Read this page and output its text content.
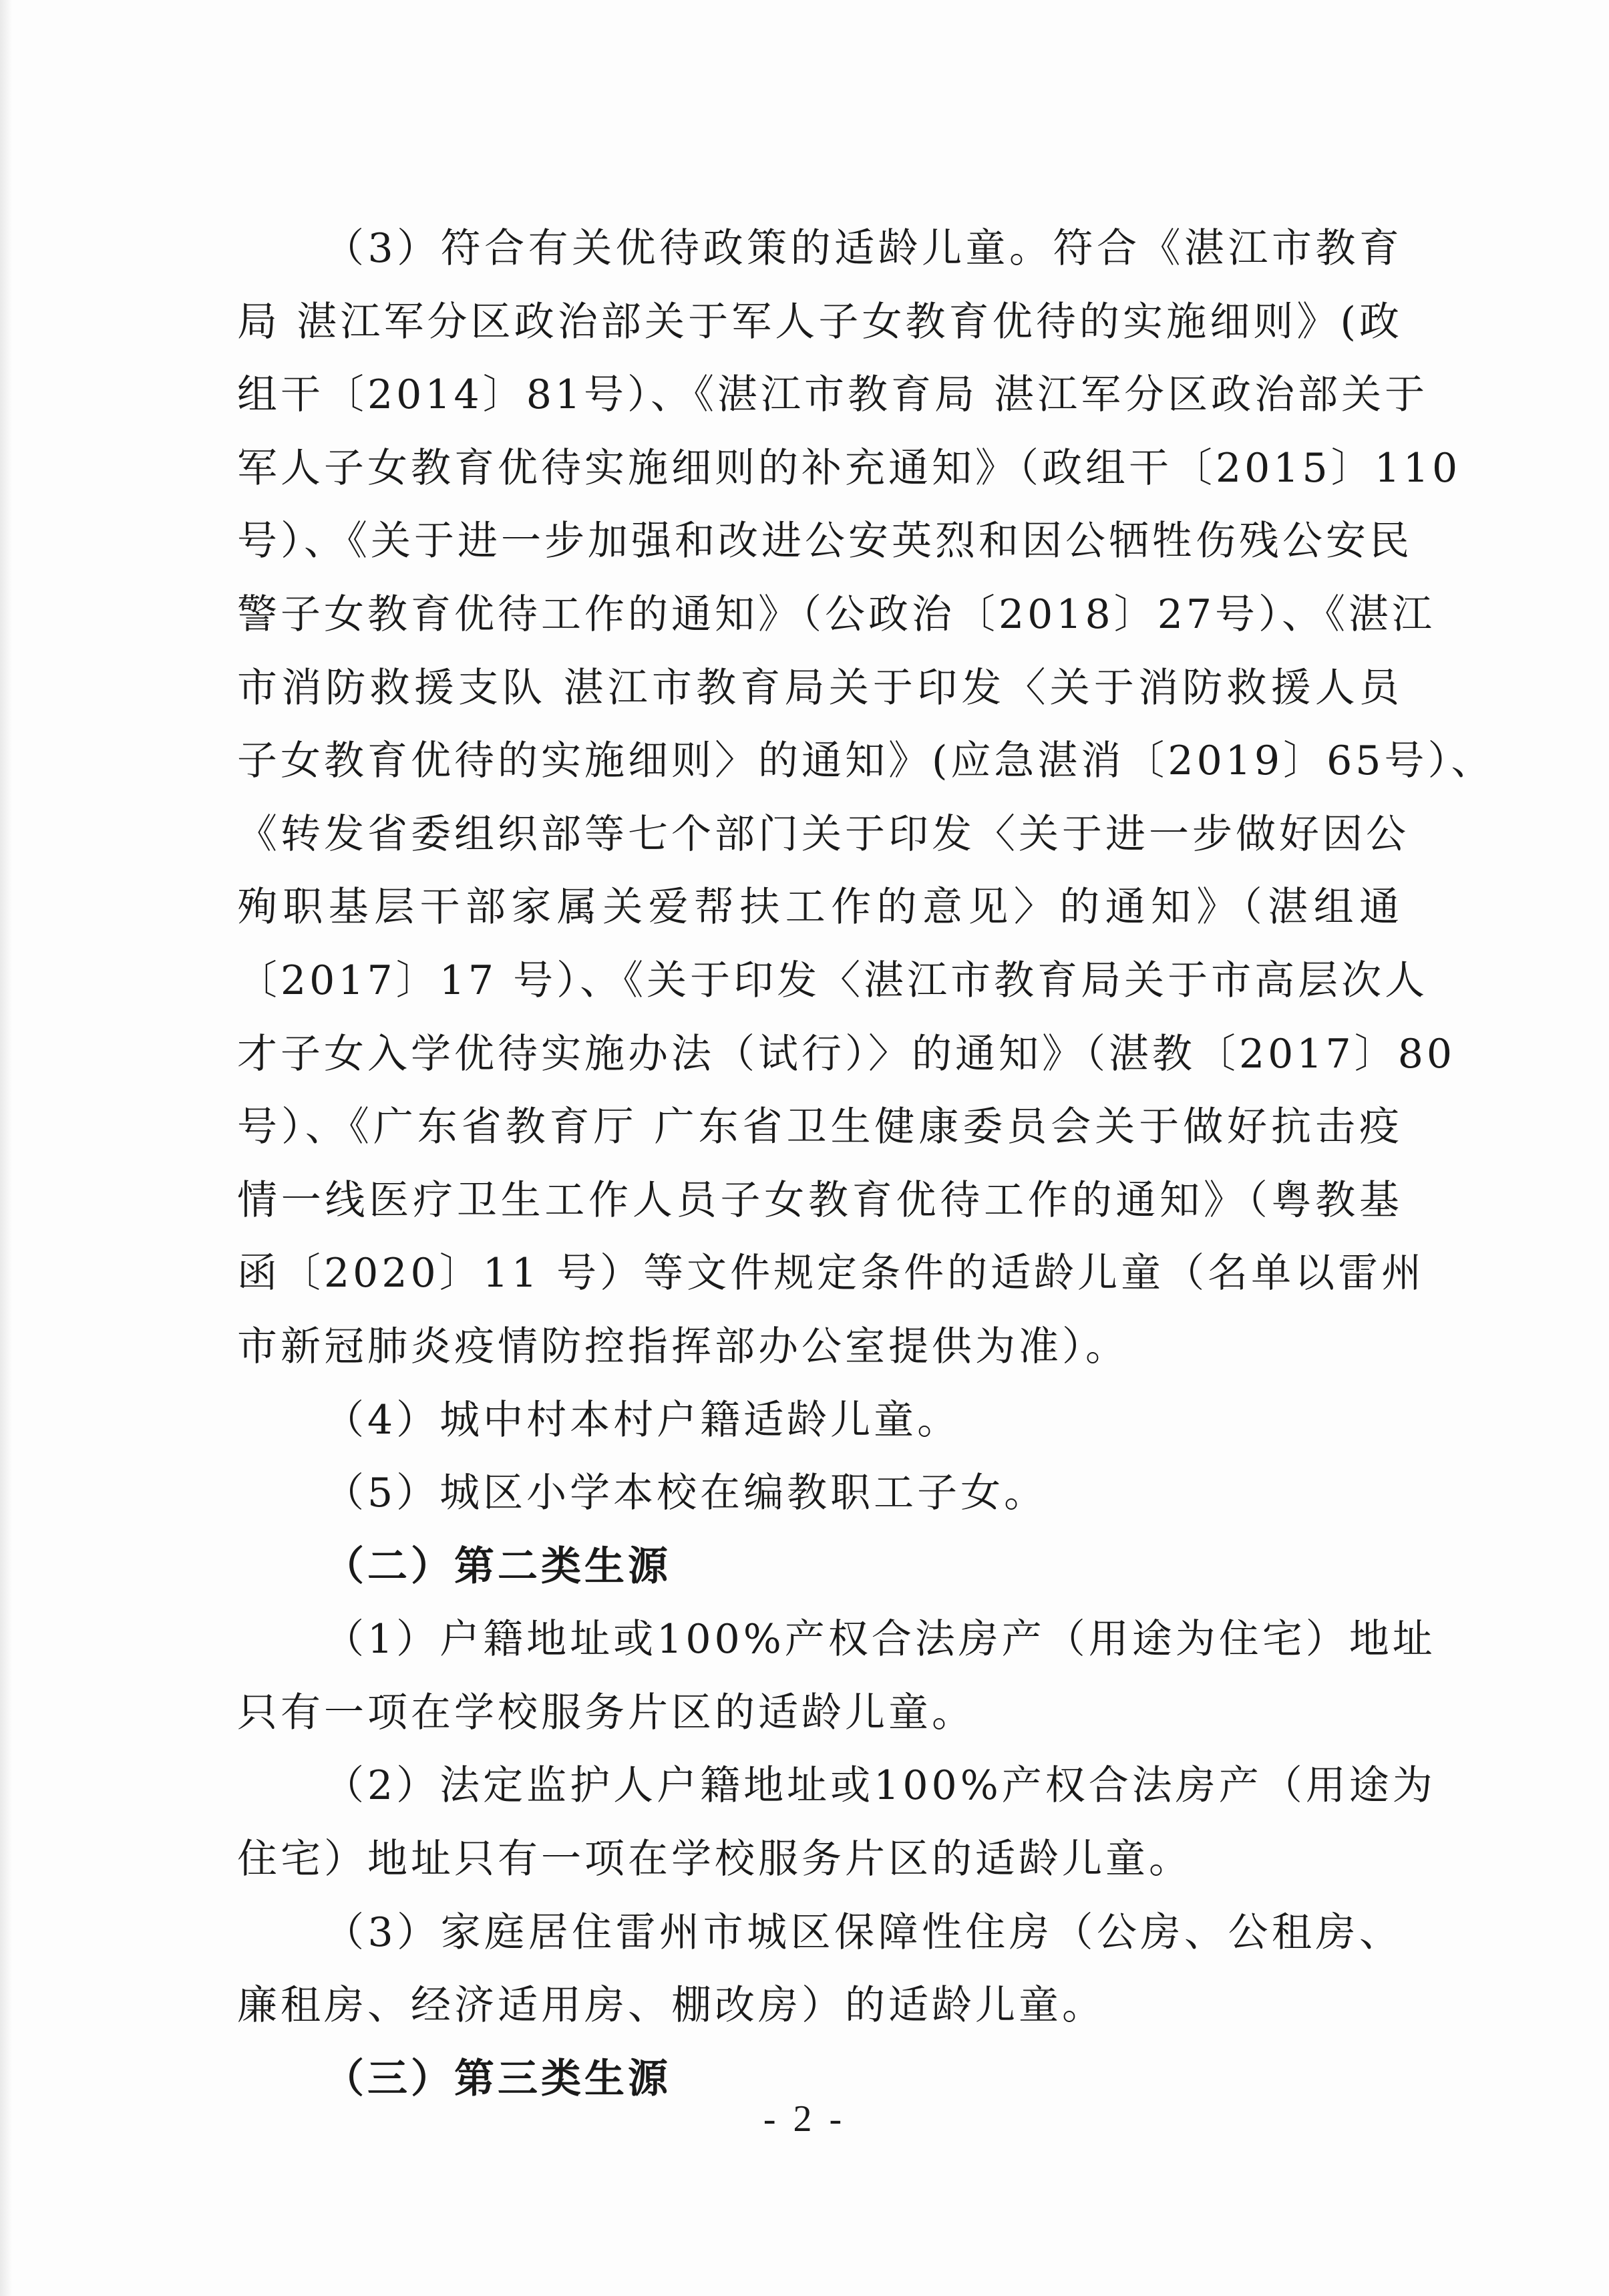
（3）符合有关优待政策的适龄儿童。符合《湛江市教育
局 湛江军分区政治部关于军人子女教育优待的实施细则》(政
组干〔2014〕81号）、《湛江市教育局 湛江军分区政治部关于
军人子女教育优待实施细则的补充通知》（政组干〔2015〕110
号）、《关于进一步加强和改进公安英烈和因公牺牲伤残公安民
警子女教育优待工作的通知》（公政治〔2018〕27号）、《湛江
市消防救援支队 湛江市教育局关于印发〈关于消防救援人员
子女教育优待的实施细则〉的通知》(应急湛消〔2019〕65号）、
《转发省委组织部等七个部门关于印发〈关于进一步做好因公
殉职基层干部家属关爱帮扶工作的意见〉的通知》（湛组通
〔2017〕17 号）、《关于印发〈湛江市教育局关于市高层次人
才子女入学优待实施办法（试行）〉的通知》（湛教〔2017〕80
号）、《广东省教育厅 广东省卫生健康委员会关于做好抗击疫
情一线医疗卫生工作人员子女教育优待工作的通知》（粤教基
函〔2020〕11 号）等文件规定条件的适龄儿童（名单以雷州
市新冠肺炎疫情防控指挥部办公室提供为准）。
（4）城中村本村户籍适龄儿童。
（5）城区小学本校在编教职工子女。
（二）第二类生源
（1）户籍地址或100%产权合法房产（用途为住宅）地址
只有一项在学校服务片区的适龄儿童。
（2）法定监护人户籍地址或100%产权合法房产（用途为
住宅）地址只有一项在学校服务片区的适龄儿童。
（3）家庭居住雷州市城区保障性住房（公房、公租房、
廉租房、经济适用房、棚改房）的适龄儿童。
（三）第三类生源
- 2 -
